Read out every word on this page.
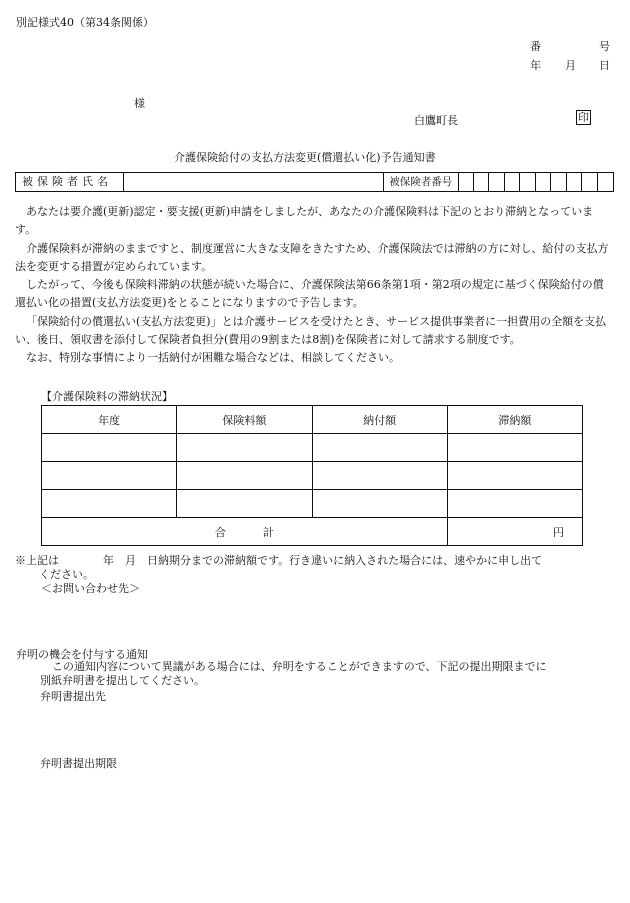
別記様式40（第34条関係）
番	号
年 月 日
様
白鷹町長	印
介護保険給付の支払方法変更(償還払い化)予告通知書
被保険者氏名	被保険者番号

あなたは要介護(更新)認定・要支援(更新)申請をしましたが、あなたの介護保険料は下記のとおり滞納となっています。

介護保険料が滞納のままですと、制度運営に大きな支障をきたすため、介護保険法では滞納の方に対し、給付の支払方法を変更する措置が定められています。

したがって、今後も保険料滞納の状態が続いた場合に、介護保険法第66条第1項・第2項の規定に基づく保険給付の償還払い化の措置(支払方法変更)をとることになりますので予告します。

「保険給付の償還払い(支払方法変更)」とは介護サービスを受けたとき、サービス提供事業者に一担費用の全額を支払い、後日、領収書を添付して保険者負担分(費用の9割または8割)を保険者に対して請求する制度です。

なお、特別な事情により一括納付が困難な場合などは、相談してください。

【介護保険料の滞納状況】
年度	保険料額	納付額	滞納額

合 計			円
※上記は　　　　年　月　日納期分までの滞納額です。行き違いに納入された場合には、速やかに申し出て
ください。
＜お問い合わせ先＞
弁明の機会を付与する通知
この通知内容について異議がある場合には、弁明をすることができますので、下記の提出期限までに
別紙弁明書を提出してください。
弁明書提出先
弁明書提出期限
